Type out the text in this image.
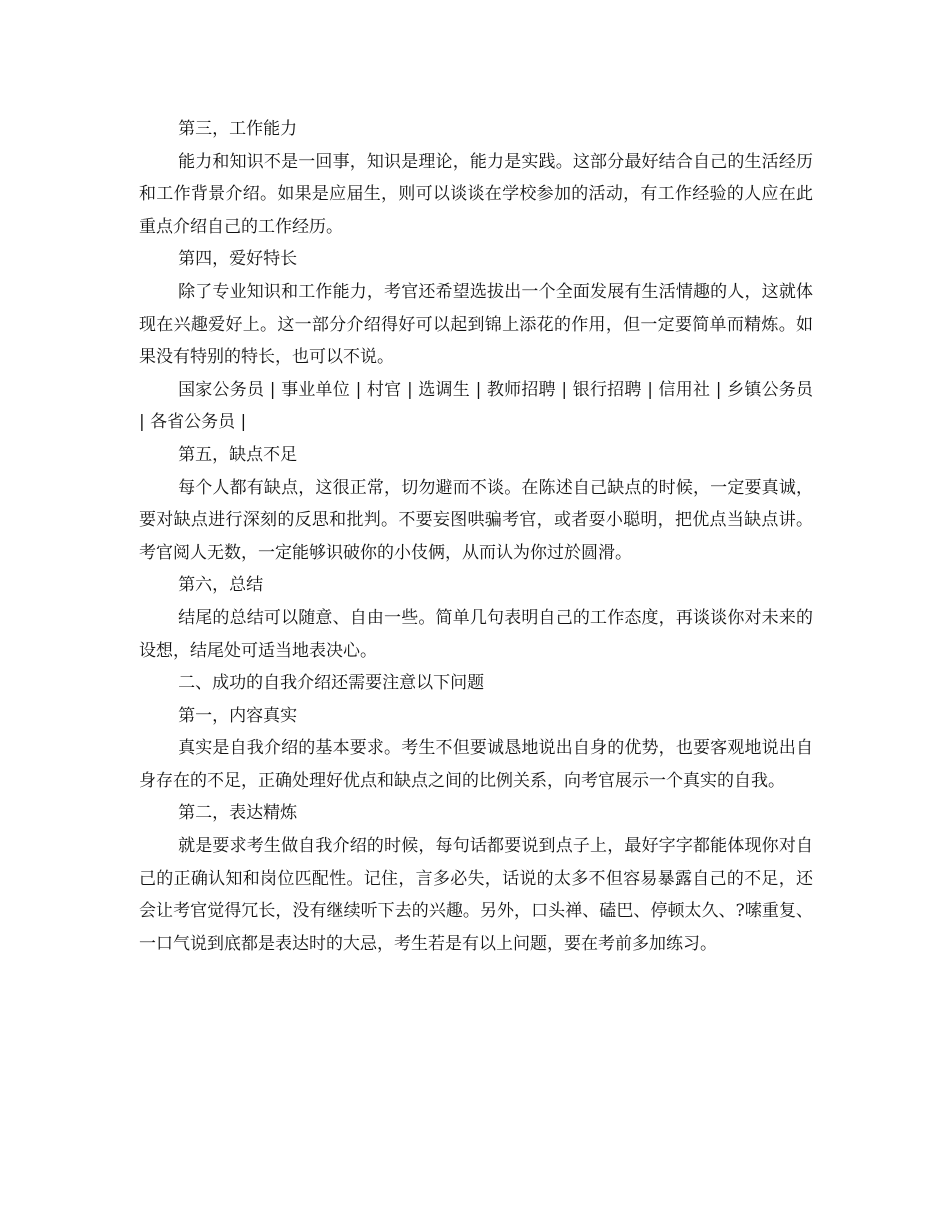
第三，工作能力

能力和知识不是一回事，知识是理论，能力是实践。这部分最好结合自己的生活经历和工作背景介绍。如果是应届生，则可以谈谈在学校参加的活动，有工作经验的人应在此重点介绍自己的工作经历。

第四，爱好特长

除了专业知识和工作能力，考官还希望选拔出一个全面发展有生活情趣的人，这就体现在兴趣爱好上。这一部分介绍得好可以起到锦上添花的作用，但一定要简单而精炼。如果没有特别的特长，也可以不说。

国家公务员 | 事业单位 | 村官 | 选调生 | 教师招聘 | 银行招聘 | 信用社 | 乡镇公务员 | 各省公务员 |

第五，缺点不足

每个人都有缺点，这很正常，切勿避而不谈。在陈述自己缺点的时候，一定要真诚，要对缺点进行深刻的反思和批判。不要妄图哄骗考官，或者耍小聪明，把优点当缺点讲。考官阅人无数，一定能够识破你的小伎俩，从而认为你过於圆滑。

第六，总结

结尾的总结可以随意、自由一些。简单几句表明自己的工作态度，再谈谈你对未来的设想，结尾处可适当地表决心。

二、成功的自我介绍还需要注意以下问题

第一，内容真实

真实是自我介绍的基本要求。考生不但要诚恳地说出自身的优势，也要客观地说出自身存在的不足，正确处理好优点和缺点之间的比例关系，向考官展示一个真实的自我。

第二，表达精炼

就是要求考生做自我介绍的时候，每句话都要说到点子上，最好字字都能体现你对自己的正确认知和岗位匹配性。记住，言多必失，话说的太多不但容易暴露自己的不足，还会让考官觉得冗长，没有继续听下去的兴趣。另外，口头禅、磕巴、停顿太久、?嗦重复、一口气说到底都是表达时的大忌，考生若是有以上问题，要在考前多加练习。
